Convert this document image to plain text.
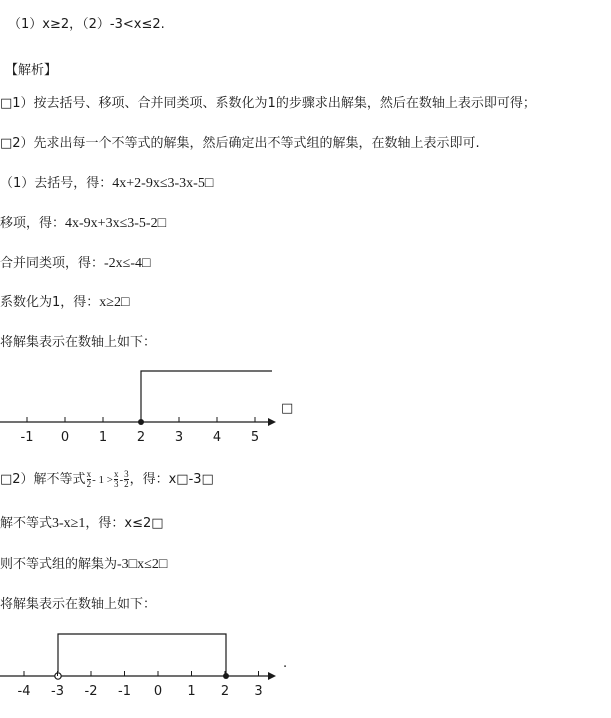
（1）x≥2，（2）-3<x≤2.
【解析】
□1）按去括号、移项、合并同类项、系数化为1的步骤求出解集，然后在数轴上表示即可得；
□2）先求出每一个不等式的解集，然后确定出不等式组的解集，在数轴上表示即可.
（1）去括号，得：4x+2-9x≤3-3x-5□
移项，得：4x-9x+3x≤3-5-2□
合并同类项，得：-2x≤-4□
系数化为1，得：x≥2□
将解集表示在数轴上如下：
-1 0 1 2 3 4 5
□
□2）解不等式 $\frac{x}{2} - 1 > \frac{x}{3} - \frac{3}{2}$ ，得：x□-3□
解不等式3-x≥1，得：x≤2□
则不等式组的解集为-3□x≤2□
将解集表示在数轴上如下：
-4 -3 -2 -1 0 1 2 3
.
